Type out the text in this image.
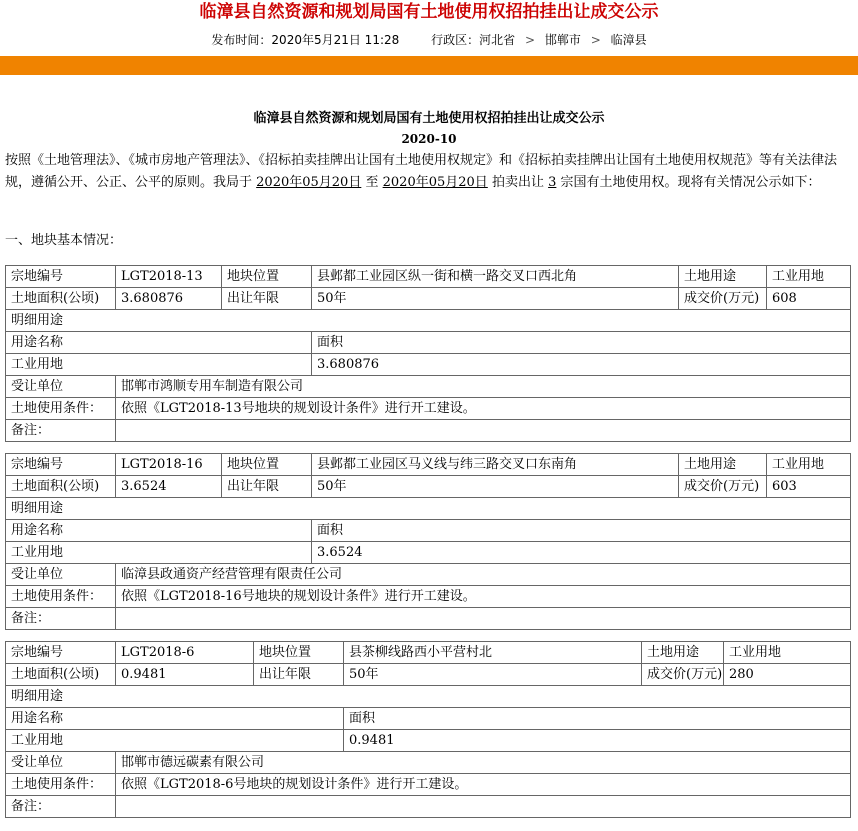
临漳县自然资源和规划局国有土地使用权招拍挂出让成交公示
发布时间：2020年5月21日 11:28	行政区：河北省 > 邯郸市 > 临漳县
临漳县自然资源和规划局国有土地使用权招拍挂出让成交公示
2020-10
按照《土地管理法》、《城市房地产管理法》、《招标拍卖挂牌出让国有土地使用权规定》和《招标拍卖挂牌出让国有土地使用权规范》等有关法律法规，遵循公开、公正、公平的原则。我局于 2020年05月20日 至 2020年05月20日 拍卖出让 3 宗国有土地使用权。现将有关情况公示如下：
一、地块基本情况：
宗地编号	LGT2018-13	地块位置	县邺都工业园区纵一街和横一路交叉口西北角	土地用途	工业用地
土地面积(公顷)	3.680876	出让年限	50年	成交价(万元)	608
明细用途					
用途名称			面积		
工业用地			3.680876		
受让单位	邯郸市鸿顺专用车制造有限公司				
土地使用条件：	依照《LGT2018-13号地块的规划设计条件》进行开工建设。				
备注：					
宗地编号	LGT2018-16	地块位置	县邺都工业园区马义线与纬三路交叉口东南角	土地用途	工业用地
土地面积(公顷)	3.6524	出让年限	50年	成交价(万元)	603
明细用途					
用途名称			面积		
工业用地			3.6524		
受让单位	临漳县政通资产经营管理有限责任公司				
土地使用条件：	依照《LGT2018-16号地块的规划设计条件》进行开工建设。				
备注：					
宗地编号	LGT2018-6	地块位置	县茶柳线路西小平营村北	土地用途	工业用地
土地面积(公顷)	0.9481	出让年限	50年	成交价(万元)	280
明细用途					
用途名称			面积		
工业用地			0.9481		
受让单位	邯郸市德远碳素有限公司				
土地使用条件：	依照《LGT2018-6号地块的规划设计条件》进行开工建设。				
备注：					
